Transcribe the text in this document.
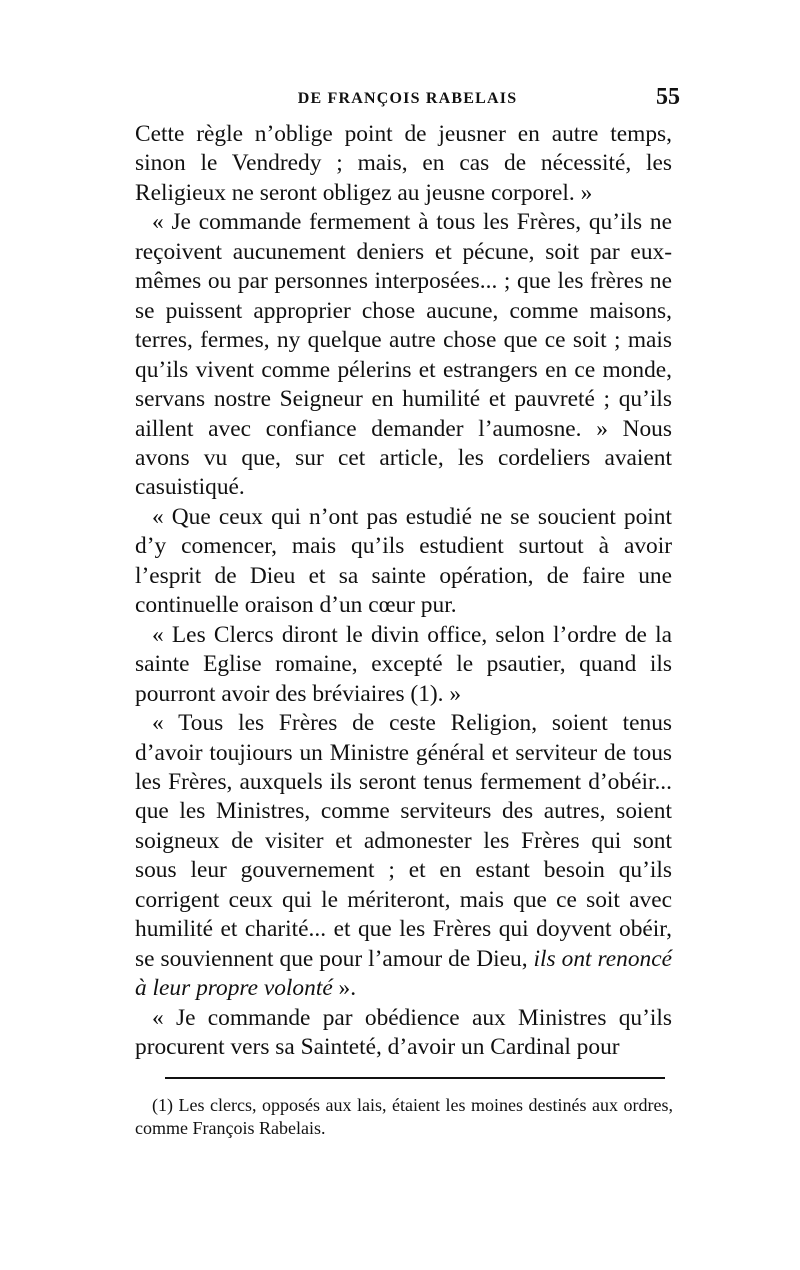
DE FRANÇOIS RABELAIS	55

Cette règle n’oblige point de jeusner en autre temps, sinon le Vendredy ; mais, en cas de nécessité, les Religieux ne seront obligez au jeusne corporel. »

« Je commande fermement à tous les Frères, qu’ils ne reçoivent aucunement deniers et pécune, soit par eux-mêmes ou par personnes interposées... ; que les frères ne se puissent approprier chose aucune, comme maisons, terres, fermes, ny quelque autre chose que ce soit ; mais qu’ils vivent comme pélerins et estrangers en ce monde, servans nostre Seigneur en humilité et pauvreté ; qu’ils aillent avec confiance demander l’aumosne. » Nous avons vu que, sur cet article, les cordeliers avaient casuistiqué.

« Que ceux qui n’ont pas estudié ne se soucient point d’y comencer, mais qu’ils estudient surtout à avoir l’esprit de Dieu et sa sainte opération, de faire une continuelle oraison d’un cœur pur.

« Les Clercs diront le divin office, selon l’ordre de la sainte Eglise romaine, excepté le psautier, quand ils pourront avoir des bréviaires (1). »

« Tous les Frères de ceste Religion, soient tenus d’avoir toujiours un Ministre général et serviteur de tous les Frères, auxquels ils seront tenus fermement d’obéir... que les Ministres, comme serviteurs des autres, soient soigneux de visiter et admonester les Frères qui sont sous leur gouvernement ; et en estant besoin qu’ils corrigent ceux qui le mériteront, mais que ce soit avec humilité et charité... et que les Frères qui doyvent obéir, se souviennent que pour l’amour de Dieu, ils ont renoncé à leur propre volonté ».

« Je commande par obédience aux Ministres qu’ils procurent vers sa Sainteté, d’avoir un Cardinal pour

(1) Les clercs, opposés aux lais, étaient les moines destinés aux ordres, comme François Rabelais.
